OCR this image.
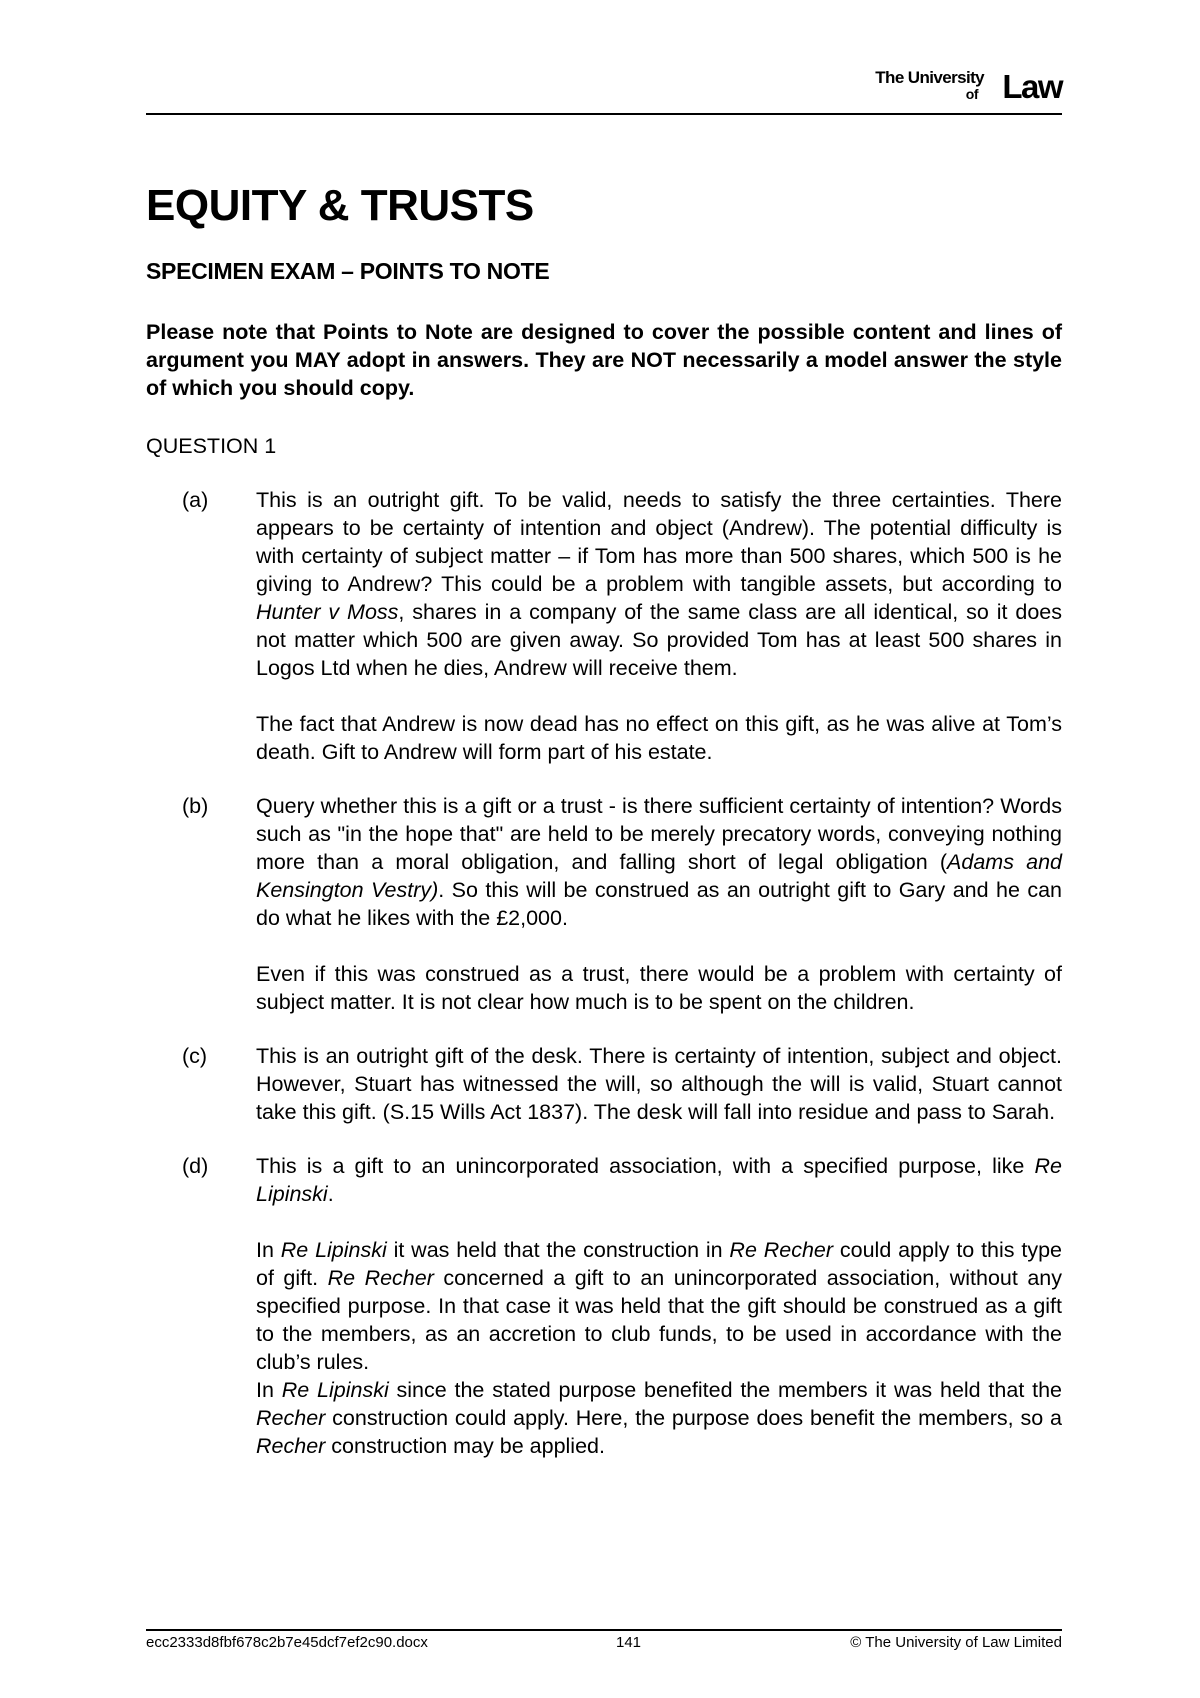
The University
of Law
EQUITY & TRUSTS
SPECIMEN EXAM – POINTS TO NOTE

Please note that Points to Note are designed to cover the possible content and lines of argument you MAY adopt in answers. They are NOT necessarily a model answer the style of which you should copy.

QUESTION 1

(a) This is an outright gift. To be valid, needs to satisfy the three certainties. There appears to be certainty of intention and object (Andrew). The potential difficulty is with certainty of subject matter – if Tom has more than 500 shares, which 500 is he giving to Andrew? This could be a problem with tangible assets, but according to Hunter v Moss, shares in a company of the same class are all identical, so it does not matter which 500 are given away. So provided Tom has at least 500 shares in Logos Ltd when he dies, Andrew will receive them.

The fact that Andrew is now dead has no effect on this gift, as he was alive at Tom’s death. Gift to Andrew will form part of his estate.

(b) Query whether this is a gift or a trust - is there sufficient certainty of intention? Words such as "in the hope that" are held to be merely precatory words, conveying nothing more than a moral obligation, and falling short of legal obligation (Adams and Kensington Vestry). So this will be construed as an outright gift to Gary and he can do what he likes with the £2,000.

Even if this was construed as a trust, there would be a problem with certainty of subject matter. It is not clear how much is to be spent on the children.

(c) This is an outright gift of the desk. There is certainty of intention, subject and object. However, Stuart has witnessed the will, so although the will is valid, Stuart cannot take this gift. (S.15 Wills Act 1837). The desk will fall into residue and pass to Sarah.

(d) This is a gift to an unincorporated association, with a specified purpose, like Re Lipinski.

In Re Lipinski it was held that the construction in Re Recher could apply to this type of gift. Re Recher concerned a gift to an unincorporated association, without any specified purpose. In that case it was held that the gift should be construed as a gift to the members, as an accretion to club funds, to be used in accordance with the club’s rules.

In Re Lipinski since the stated purpose benefited the members it was held that the Recher construction could apply. Here, the purpose does benefit the members, so a Recher construction may be applied.

ecc2333d8fbf678c2b7e45dcf7ef2c90.docx	141	© The University of Law Limited
